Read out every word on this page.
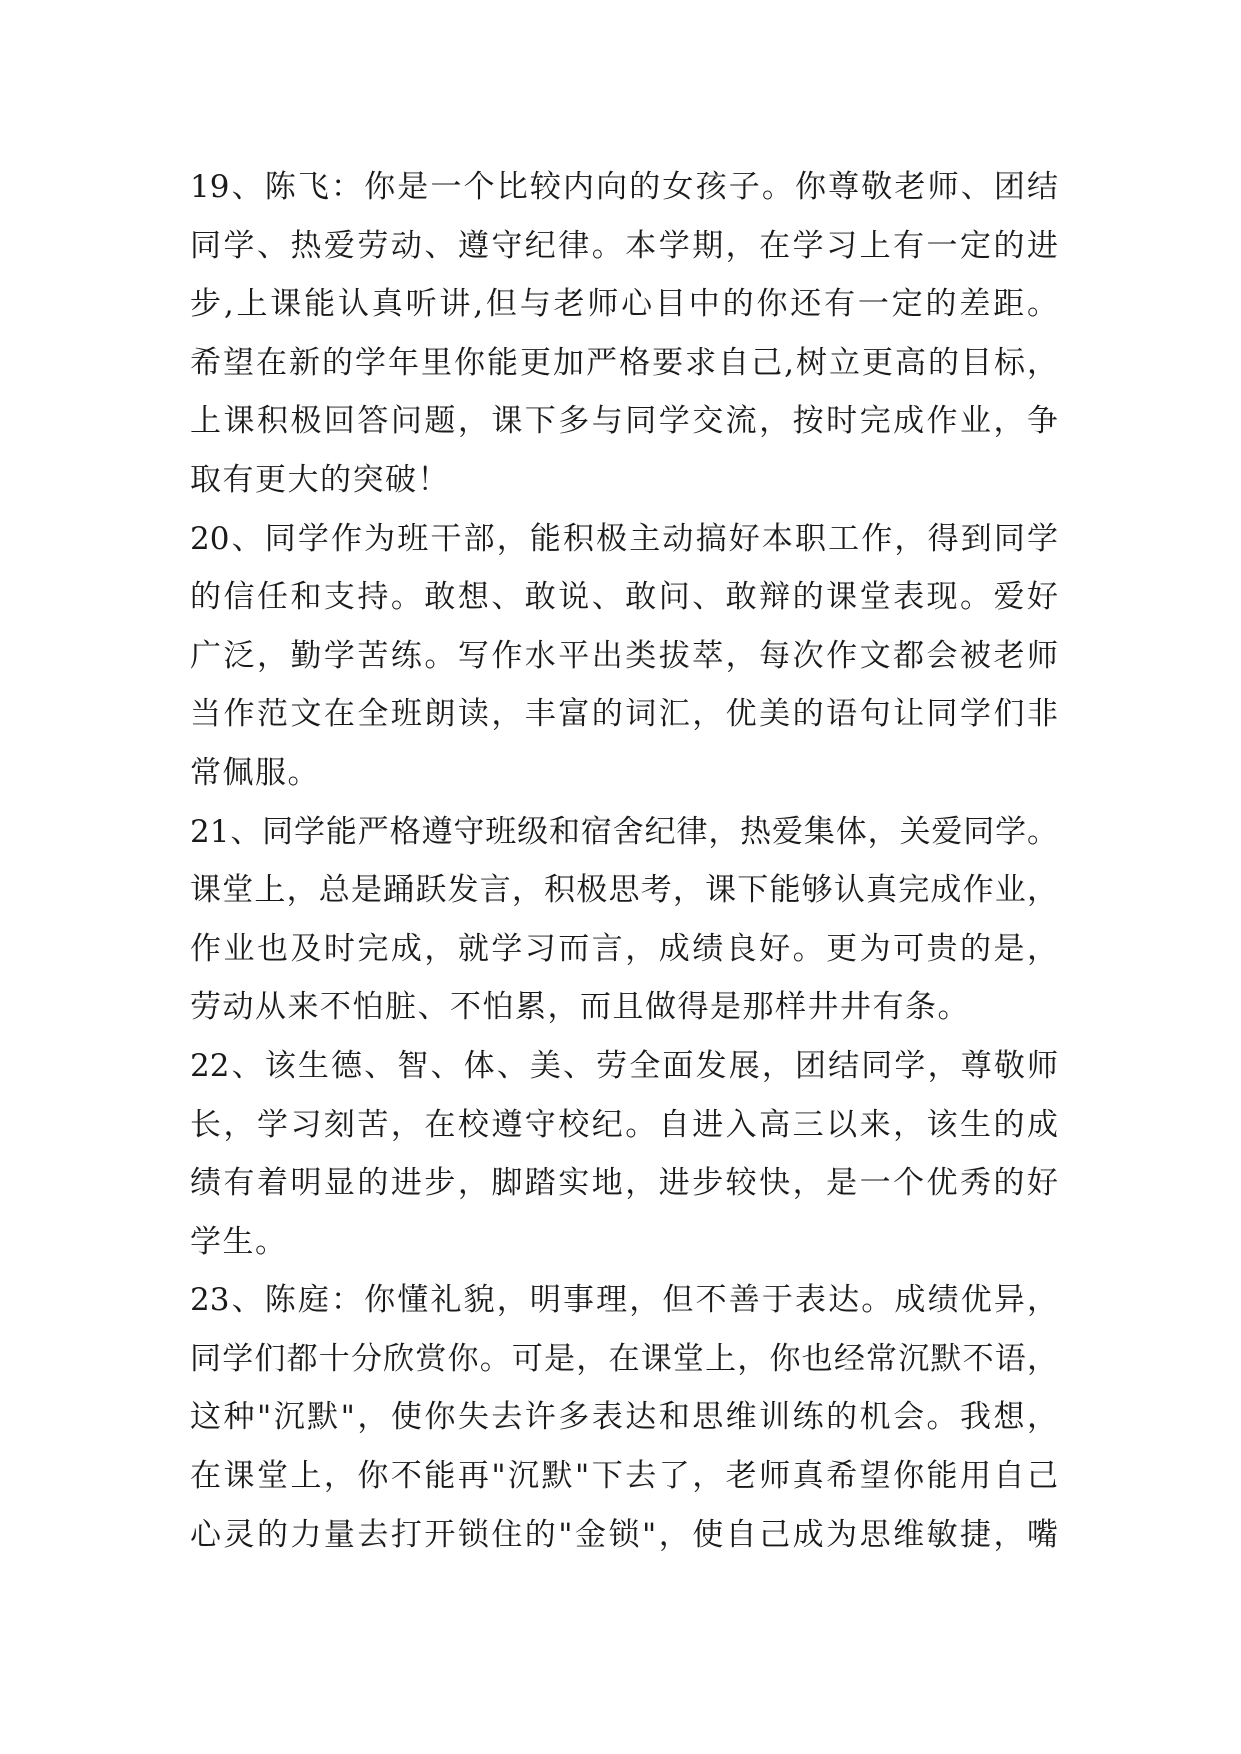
19、陈飞：你是一个比较内向的女孩子。你尊敬老师、团结
同学、热爱劳动、遵守纪律。本学期，在学习上有一定的进
步,上课能认真听讲,但与老师心目中的你还有一定的差距。
希望在新的学年里你能更加严格要求自己,树立更高的目标，
上课积极回答问题，课下多与同学交流，按时完成作业，争
取有更大的突破！
20、同学作为班干部，能积极主动搞好本职工作，得到同学
的信任和支持。敢想、敢说、敢问、敢辩的课堂表现。爱好
广泛，勤学苦练。写作水平出类拔萃，每次作文都会被老师
当作范文在全班朗读，丰富的词汇，优美的语句让同学们非
常佩服。
21、同学能严格遵守班级和宿舍纪律，热爱集体，关爱同学。
课堂上，总是踊跃发言，积极思考，课下能够认真完成作业，
作业也及时完成，就学习而言，成绩良好。更为可贵的是，
劳动从来不怕脏、不怕累，而且做得是那样井井有条。
22、该生德、智、体、美、劳全面发展，团结同学，尊敬师
长，学习刻苦，在校遵守校纪。自进入高三以来，该生的成
绩有着明显的进步，脚踏实地，进步较快，是一个优秀的好
学生。
23、陈庭：你懂礼貌，明事理，但不善于表达。成绩优异，
同学们都十分欣赏你。可是，在课堂上，你也经常沉默不语，
这种"沉默"，使你失去许多表达和思维训练的机会。我想，
在课堂上，你不能再"沉默"下去了，老师真希望你能用自己
心灵的力量去打开锁住的"金锁"，使自己成为思维敏捷，嘴
